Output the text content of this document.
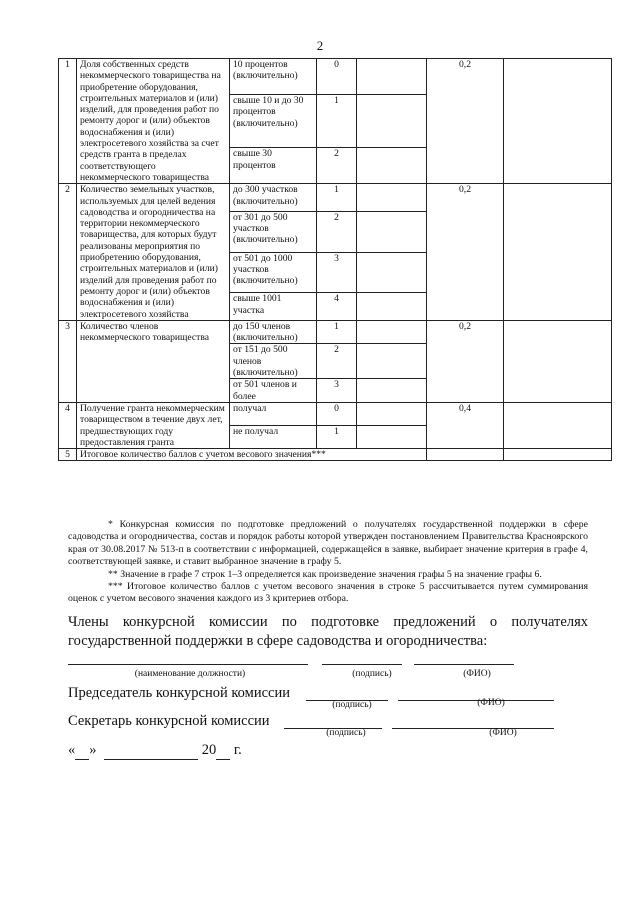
2
1	Доля собственных средств некоммерческого товарищества на приобретение оборудования, строительных материалов и (или) изделий, для проведения работ по ремонту дорог и (или) объектов водоснабжения и (или) электросетевого хозяйства за счет средств гранта в пределах соответствующего некоммерческого товарищества	10 процентов (включительно)	0		0,2	
		свыше 10 и до 30 процентов (включительно)	1			
		свыше 30 процентов	2			
2	Количество земельных участков, используемых для целей ведения садоводства и огородничества на территории некоммерческого товарищества, для которых будут реализованы мероприятия по приобретению оборудования, строительных материалов и (или) изделий для проведения работ по ремонту дорог и (или) объектов водоснабжения и (или) электросетевого хозяйства	до 300 участков (включительно)	1		0,2	
		от 301 до 500 участков (включительно)	2			
		от 501 до 1000 участков (включительно)	3			
		свыше 1001 участка	4			
3	Количество членов некоммерческого товарищества	до 150 членов (включительно)	1		0,2	
		от 151 до 500 членов (включительно)	2			
		от 501 членов и более	3			
4	Получение гранта некоммерческим товариществом в течение двух лет, предшествующих году предоставления гранта	получал	0		0,4	
		не получал	1			
5	Итоговое количество баллов с учетом весового значения***					

* Конкурсная комиссия по подготовке предложений о получателях государственной поддержки в сфере садоводства и огородничества, состав и порядок работы которой утвержден постановлением Правительства Красноярского края от 30.08.2017 № 513-п в соответствии с информацией, содержащейся в заявке, выбирает значение критерия в графе 4, соответствующей заявке, и ставит выбранное значение в графу 5.

** Значение в графе 7 строк 1–3 определяется как произведение значения графы 5 на значение графы 6.

*** Итоговое количество баллов с учетом весового значения в строке 5 рассчитывается путем суммирования оценок с учетом весового значения каждого из 3 критериев отбора.

Члены конкурсной комиссии по подготовке предложений о получателях государственной поддержки в сфере садоводства и огородничества:

(наименование должности)	(подпись)	(ФИО)
Председатель конкурсной комиссии
(подпись)	(ФИО)
Секретарь конкурсной комиссии
(подпись)	(ФИО)
« »	20 г.
